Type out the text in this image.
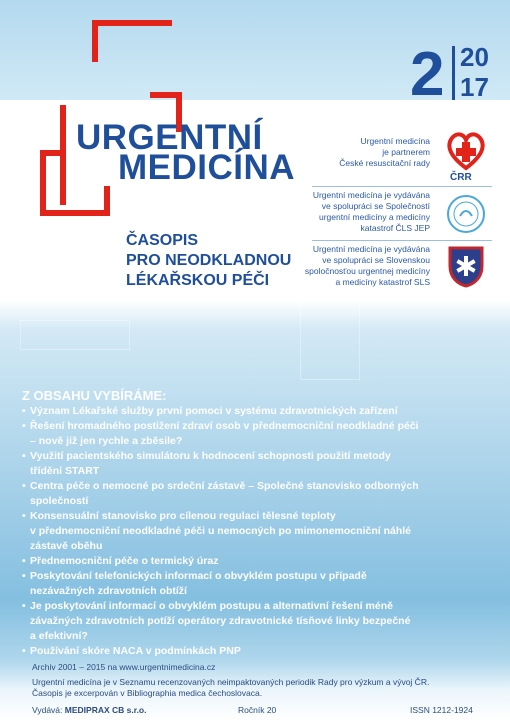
2 20
17
URGENTNÍ
MEDICÍNA
ČASOPIS
PRO NEODKLADNOU
LÉKAŘSKOU PÉČI
Urgentní medicína
je partnerem
České resuscitační rady
ČRR
Urgentní medicína je vydávána
ve spolupráci se Společností
urgentní medicíny a medicíny
katastrof ČLS JEP
Urgentní medicína je vydávána
ve spolupráci se Slovenskou
spoločnosťou urgentnej medicíny
a medicíny katastrof SLS
Z OBSAHU VYBÍRÁME:
• Význam Lékařské služby první pomoci v systému zdravotnických zařízení
• Řešení hromadného postižení zdraví osob v přednemocniční neodkladné péči
– nově již jen rychle a zběsile?
• Využití pacientského simulátoru k hodnocení schopnosti použití metody
třídění START
• Centra péče o nemocné po srdeční zástavě – Společné stanovisko odborných
společností
• Konsensuální stanovisko pro cílenou regulaci tělesné teploty
v přednemocniční neodkladné péči u nemocných po mimonemocniční náhlé
zástavě oběhu
• Přednemocniční péče o termický úraz
• Poskytování telefonických informací o obvyklém postupu v případě
nezávažných zdravotních obtíží
• Je poskytování informací o obvyklém postupu a alternativní řešení méně
závažných zdravotních potíží operátory zdravotnické tísňové linky bezpečné
a efektivní?
• Používání skóre NACA v podmínkách PNP
Archiv 2001 – 2015 na www.urgentnimedicina.cz
Urgentní medicína je v Seznamu recenzovaných neimpaktovaných periodik Rady pro výzkum a vývoj ČR.
Časopis je excerpován v Bibliographia medica čechoslovaca.
Vydává: MEDIPRAX CB s.r.o.	Ročník 20	ISSN 1212-1924
